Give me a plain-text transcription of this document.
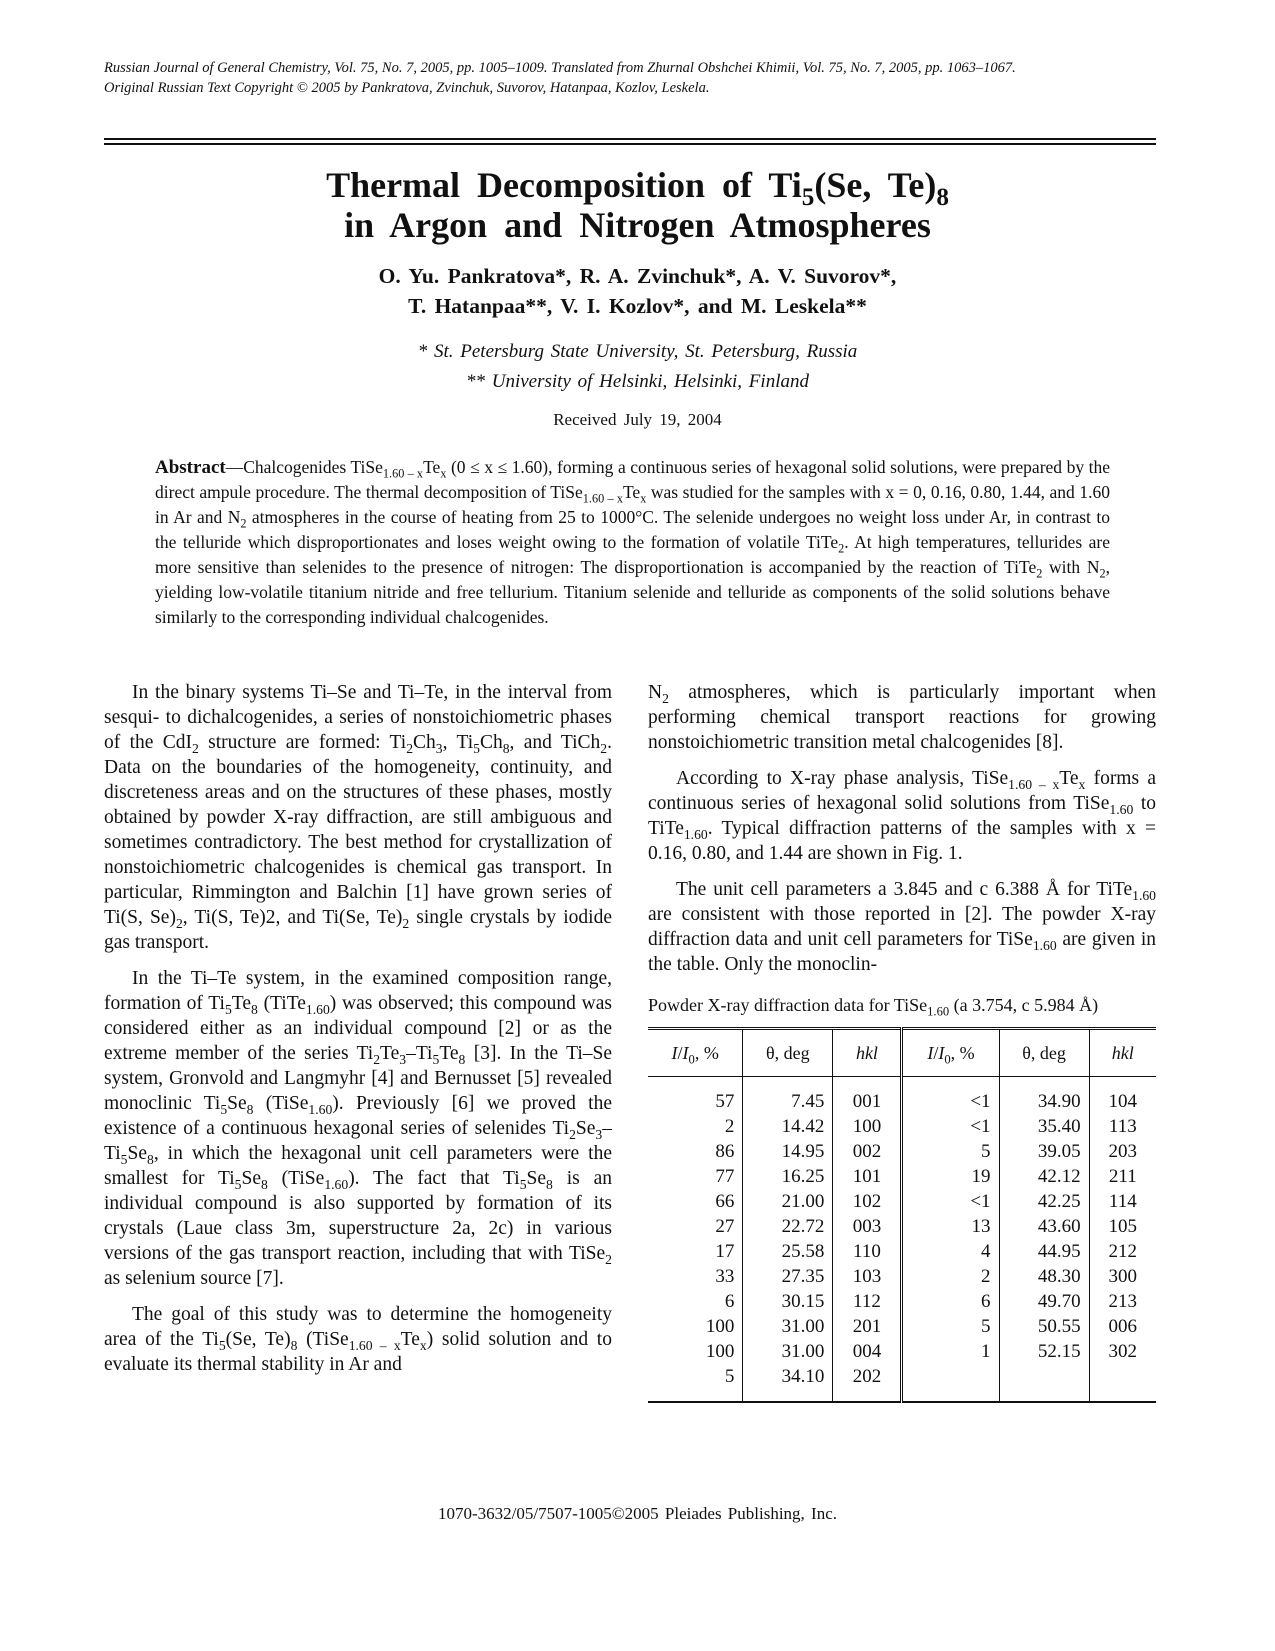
Russian Journal of General Chemistry, Vol. 75, No. 7, 2005, pp. 1005–1009. Translated from Zhurnal Obshchei Khimii, Vol. 75, No. 7, 2005, pp. 1063–1067.
Original Russian Text Copyright © 2005 by Pankratova, Zvinchuk, Suvorov, Hatanpaa, Kozlov, Leskela.
Thermal Decomposition of $Ti_5(Se$, $Te)_8$
in Argon and Nitrogen Atmospheres
O. Yu. Pankratova*, R. A. Zvinchuk*, A. V. Suvorov*,
T. Hatanpaa**, V. I. Kozlov*, and M. Leskela**
* St. Petersburg State University, St. Petersburg, Russia
** University of Helsinki, Helsinki, Finland
Received July 19, 2004
Abstract—Chalcogenides $TiSe_{1.60 - x}Te_x$ (0 ≤ x ≤ 1.60), forming a continuous series of hexagonal solid solutions, were prepared by the direct ampule procedure. The thermal decomposition of $TiSe_{1.60 - x}Te_x$ was studied for the samples with x = 0, 0.16, 0.80, 1.44, and 1.60 in Ar and $N_2$ atmospheres in the course of heating from 25 to 1000°C. The selenide undergoes no weight loss under Ar, in contrast to the telluride which disproportionates and loses weight owing to the formation of volatile TiTe$_2$. At high temperatures, tellurides are more sensitive than selenides to the presence of nitrogen: The disproportionation is accompanied by the reaction of TiTe$_2$ with $N_2$, yielding low-volatile titanium nitride and free tellurium. Titanium selenide and telluride as components of the solid solutions behave similarly to the corresponding individual chalcogenides.

In the binary systems Ti–Se and Ti–Te, in the interval from sesqui- to dichalcogenides, a series of nonstoichiometric phases of the CdI$_2$ structure are formed: $Ti_2Ch_3$, $Ti_5Ch_8$, and TiCh$_2$. Data on the boundaries of the homogeneity, continuity, and discreteness areas and on the structures of these phases, mostly obtained by powder X-ray diffraction, are still ambiguous and sometimes contradictory. The best method for crystallization of nonstoichiometric chalcogenides is chemical gas transport. In particular, Rimmington and Balchin [1] have grown series of Ti(S, $Se)_2$, Ti(S, Te)2, and Ti(Se, $Te)_2$ single crystals by iodide gas transport.

In the Ti–Te system, in the examined composition range, formation of $Ti_5Te_8$ (TiTe$_{1.60}$) was observed; this compound was considered either as an individual compound [2] or as the extreme member of the series $Ti_2Te_3-Ti_5Te_8$ [3]. In the Ti–Se system, Gronvold and Langmyhr [4] and Bernusset [5] revealed monoclinic $Ti_5Se_8$ (TiSe$_{1.60}$). Previously [6] we proved the existence of a continuous hexagonal series of selenides $Ti_2Se_3-Ti_5Se_8$, in which the hexagonal unit cell parameters were the smallest for $Ti_5Se_8$ (TiSe$_{1.60}$). The fact that $Ti_5Se_8$ is an individual compound is also supported by formation of its crystals (Laue class 3m, superstructure 2a, 2c) in various versions of the gas transport reaction, including that with TiSe$_2$ as selenium source [7].

The goal of this study was to determine the homogeneity area of the $Ti_5(Se$, $Te)_8$ $(TiSe_{1.60 - x}Te_x)$ solid solution and to evaluate its thermal stability in Ar and

$N_2$ atmospheres, which is particularly important when performing chemical transport reactions for growing nonstoichiometric transition metal chalcogenides [8].

According to X-ray phase analysis, $TiSe_{1.60 - x}Te_x$ forms a continuous series of hexagonal solid solutions from TiSe$_{1.60}$ to TiTe$_{1.60}$. Typical diffraction patterns of the samples with x = 0.16, 0.80, and 1.44 are shown in Fig. 1.

The unit cell parameters a 3.845 and c 6.388 Å for TiTe$_{1.60}$ are consistent with those reported in [2]. The powder X-ray diffraction data and unit cell parameters for TiSe$_{1.60}$ are given in the table. Only the monoclin-

Powder X-ray diffraction data for TiSe$_{1.60}$ (a 3.754, c 5.984 Å)
$I/I_0$, %	θ, deg	hkl	$I/I_0$, %	θ, deg	hkl
57	7.45	001	<1	34.90	104
2	14.42	100	<1	35.40	113
86	14.95	002	5	39.05	203
77	16.25	101	19	42.12	211
66	21.00	102	<1	42.25	114
27	22.72	003	13	43.60	105
17	25.58	110	4	44.95	212
33	27.35	103	2	48.30	300
6	30.15	112	6	49.70	213
100	31.00	201	5	50.55	006
100	31.00	004	1	52.15	302
5	34.10	202			
1070-3632/05/7507-1005©2005 Pleiades Publishing, Inc.
